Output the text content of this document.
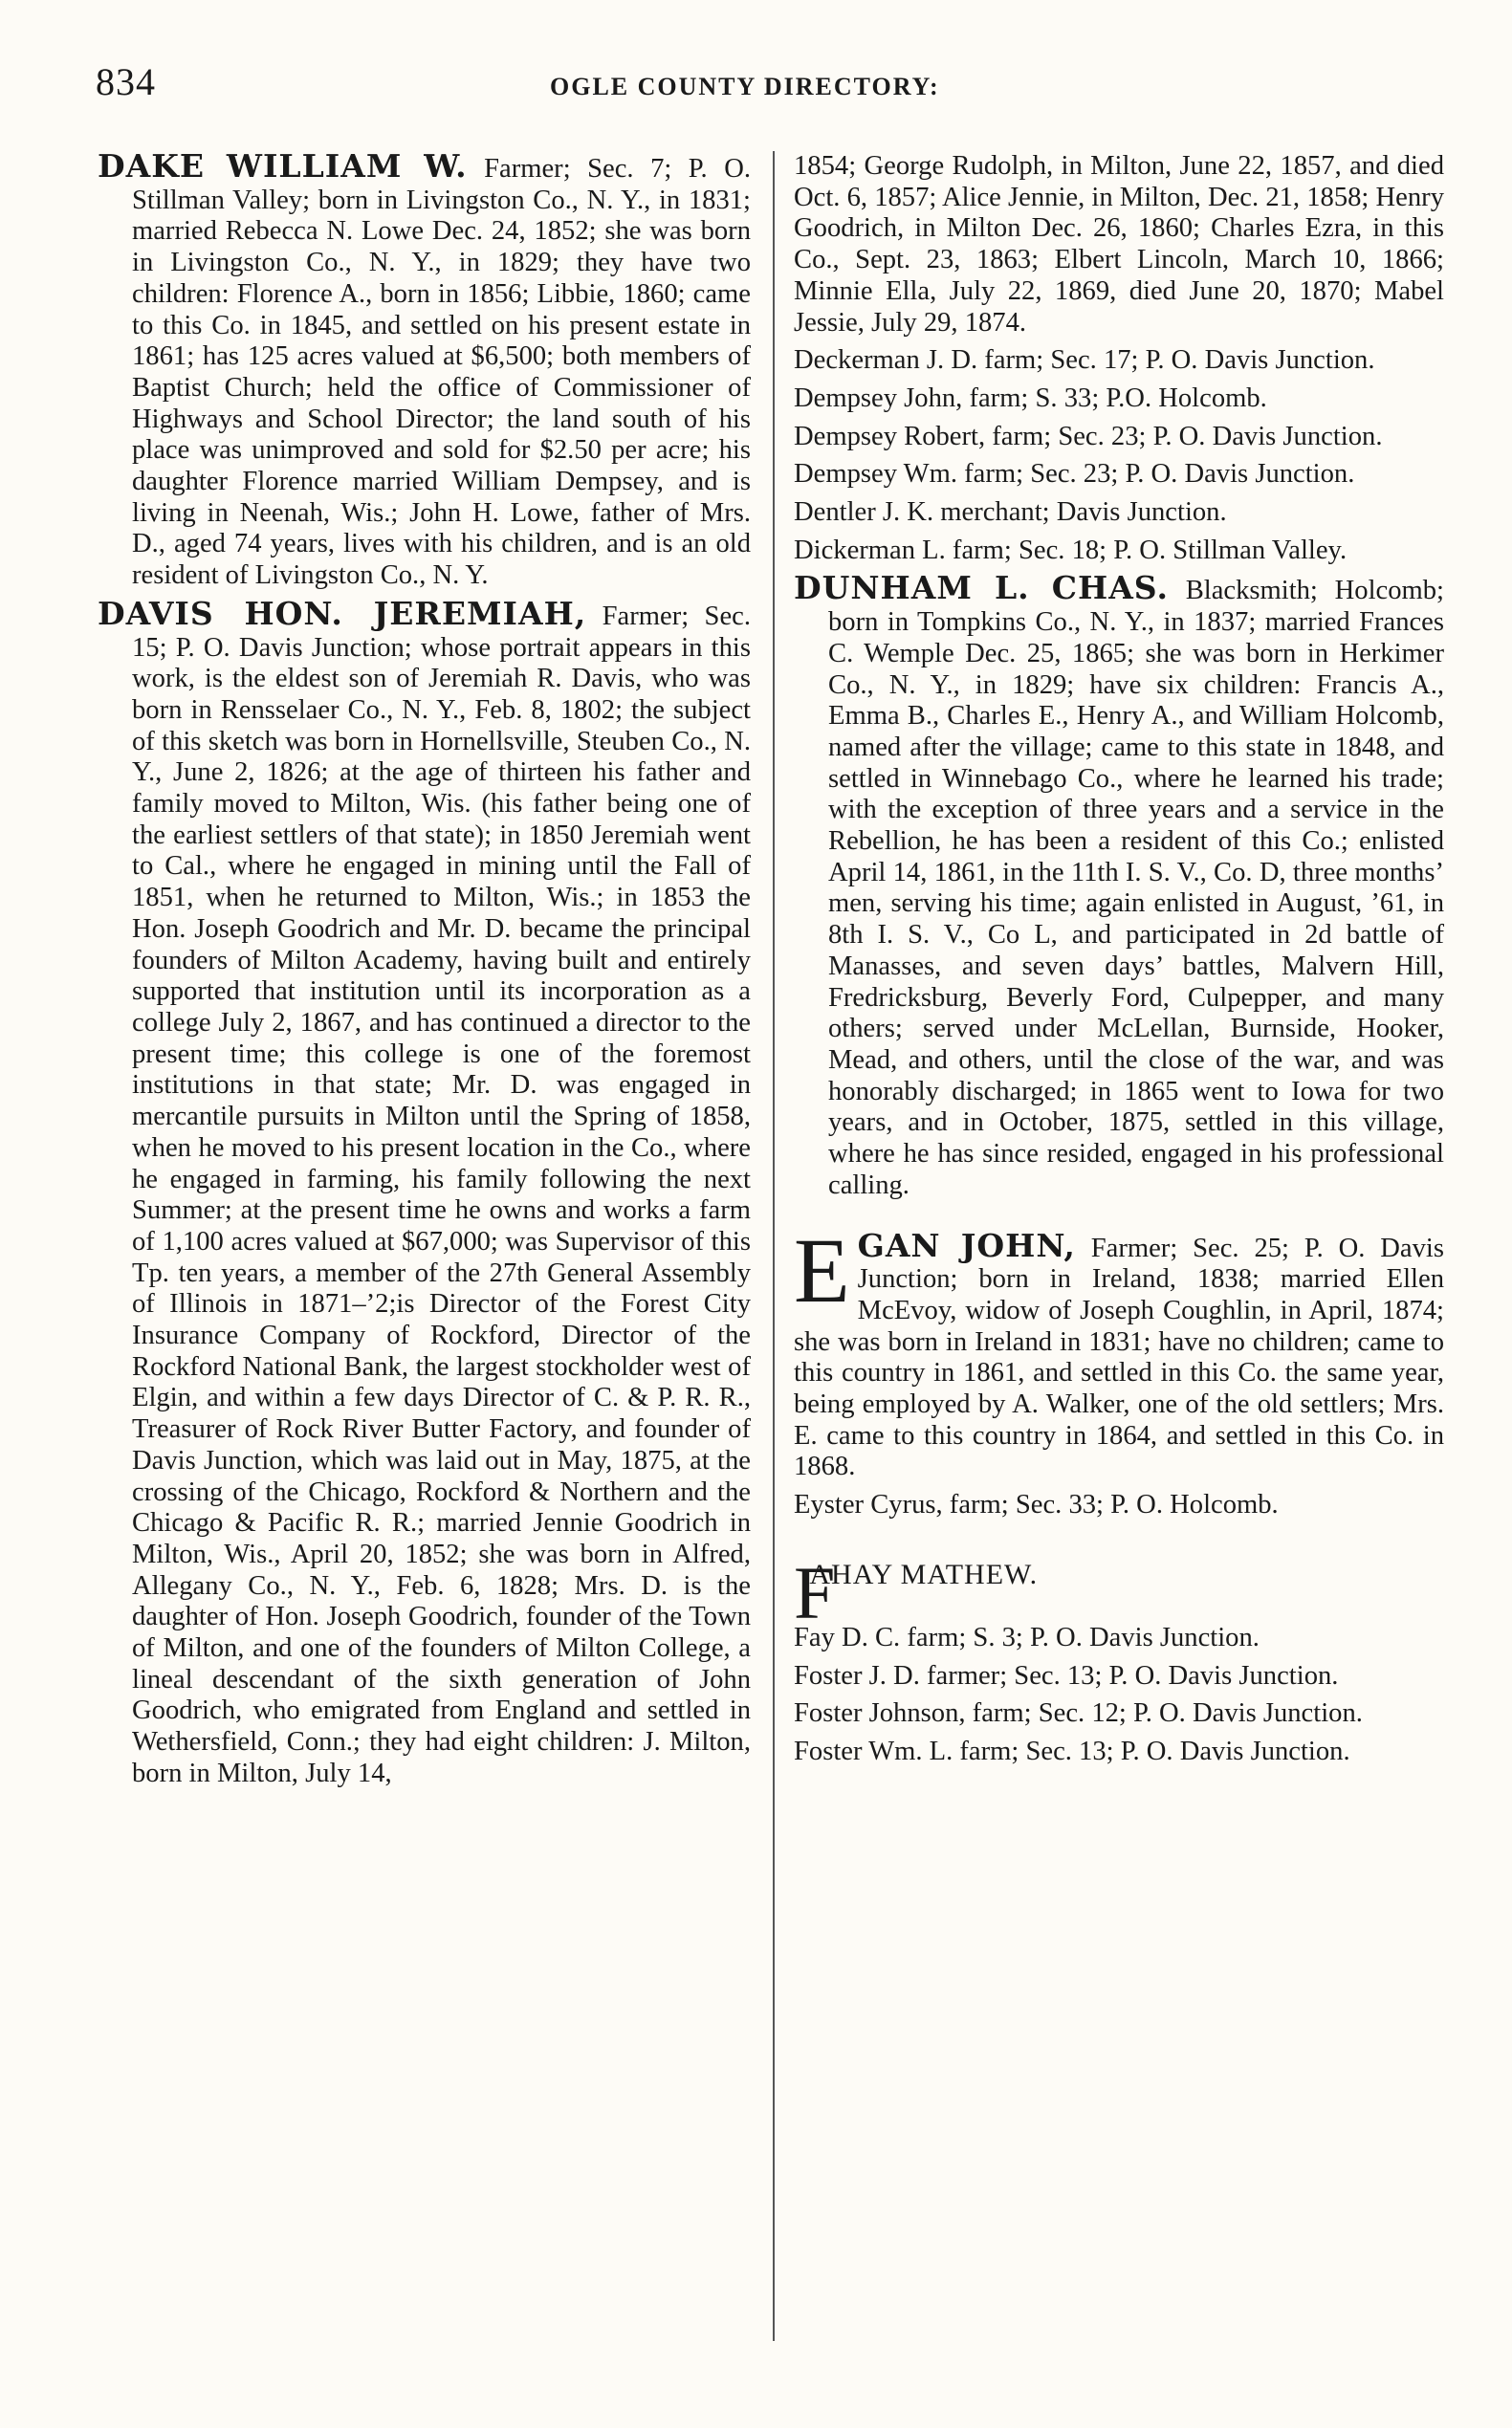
834	OGLE COUNTY DIRECTORY:

DAKE WILLIAM W. Farmer; Sec. 7; P. O. Stillman Valley; born in Livingston Co., N. Y., in 1831; married Rebecca N. Lowe Dec. 24, 1852; she was born in Livingston Co., N. Y., in 1829; they have two children: Florence A., born in 1856; Libbie, 1860; came to this Co. in 1845, and settled on his present estate in 1861; has 125 acres valued at $6,500; both members of Baptist Church; held the office of Commissioner of Highways and School Director; the land south of his place was unimproved and sold for $2.50 per acre; his daughter Florence married William Dempsey, and is living in Neenah, Wis.; John H. Lowe, father of Mrs. D., aged 74 years, lives with his children, and is an old resident of Livingston Co., N. Y.

DAVIS HON. JEREMIAH, Farmer; Sec. 15; P. O. Davis Junction; whose portrait appears in this work, is the eldest son of Jeremiah R. Davis, who was born in Rensselaer Co., N. Y., Feb. 8, 1802; the subject of this sketch was born in Hornellsville, Steuben Co., N. Y., June 2, 1826; at the age of thirteen his father and family moved to Milton, Wis. (his father being one of the earliest settlers of that state); in 1850 Jeremiah went to Cal., where he engaged in mining until the Fall of 1851, when he returned to Milton, Wis.; in 1853 the Hon. Joseph Goodrich and Mr. D. became the principal founders of Milton Academy, having built and entirely supported that institution until its incorporation as a college July 2, 1867, and has continued a director to the present time; this college is one of the foremost institutions in that state; Mr. D. was engaged in mercantile pursuits in Milton until the Spring of 1858, when he moved to his present location in the Co., where he engaged in farming, his family following the next Summer; at the present time he owns and works a farm of 1,100 acres valued at $67,000; was Supervisor of this Tp. ten years, a member of the 27th General Assembly of Illinois in 1871–’2;is Director of the Forest City Insurance Company of Rockford, Director of the Rockford National Bank, the largest stockholder west of Elgin, and within a few days Director of C. & P. R. R., Treasurer of Rock River Butter Factory, and founder of Davis Junction, which was laid out in May, 1875, at the crossing of the Chicago, Rockford & Northern and the Chicago & Pacific R. R.; married Jennie Goodrich in Milton, Wis., April 20, 1852; she was born in Alfred, Allegany Co., N. Y., Feb. 6, 1828; Mrs. D. is the daughter of Hon. Joseph Goodrich, founder of the Town of Milton, and one of the founders of Milton College, a lineal descendant of the sixth generation of John Goodrich, who emigrated from England and settled in Wethersfield, Conn.; they had eight children: J. Milton, born in Milton, July 14,

1854; George Rudolph, in Milton, June 22, 1857, and died Oct. 6, 1857; Alice Jennie, in Milton, Dec. 21, 1858; Henry Goodrich, in Milton Dec. 26, 1860; Charles Ezra, in this Co., Sept. 23, 1863; Elbert Lincoln, March 10, 1866; Minnie Ella, July 22, 1869, died June 20, 1870; Mabel Jessie, July 29, 1874.

Deckerman J. D. farm; Sec. 17; P. O. Davis Junction.

Dempsey John, farm; S. 33; P.O. Holcomb.

Dempsey Robert, farm; Sec. 23; P. O. Davis Junction.

Dempsey Wm. farm; Sec. 23; P. O. Davis Junction.

Dentler J. K. merchant; Davis Junction.

Dickerman L. farm; Sec. 18; P. O. Stillman Valley.

DUNHAM L. CHAS. Blacksmith; Holcomb; born in Tompkins Co., N. Y., in 1837; married Frances C. Wemple Dec. 25, 1865; she was born in Herkimer Co., N. Y., in 1829; have six children: Francis A., Emma B., Charles E., Henry A., and William Holcomb, named after the village; came to this state in 1848, and settled in Winnebago Co., where he learned his trade; with the exception of three years and a service in the Rebellion, he has been a resident of this Co.; enlisted April 14, 1861, in the 11th I. S. V., Co. D, three months’ men, serving his time; again enlisted in August, ’61, in 8th I. S. V., Co L, and participated in 2d battle of Manasses, and seven days’ battles, Malvern Hill, Fredricksburg, Beverly Ford, Culpepper, and many others; served under McLellan, Burnside, Hooker, Mead, and others, until the close of the war, and was honorably discharged; in 1865 went to Iowa for two years, and in October, 1875, settled in this village, where he has since resided, engaged in his professional calling.

EGAN JOHN, Farmer; Sec. 25; P. O. Davis Junction; born in Ireland, 1838; married Ellen McEvoy, widow of Joseph Coughlin, in April, 1874; she was born in Ireland in 1831; have no children; came to this country in 1861, and settled in this Co. the same year, being employed by A. Walker, one of the old settlers; Mrs. E. came to this country in 1864, and settled in this Co. in 1868.

Eyster Cyrus, farm; Sec. 33; P. O. Holcomb.

F
AHAY MATHEW.

Fay D. C. farm; S. 3; P. O. Davis Junction.

Foster J. D. farmer; Sec. 13; P. O. Davis Junction.

Foster Johnson, farm; Sec. 12; P. O. Davis Junction.

Foster Wm. L. farm; Sec. 13; P. O. Davis Junction.
